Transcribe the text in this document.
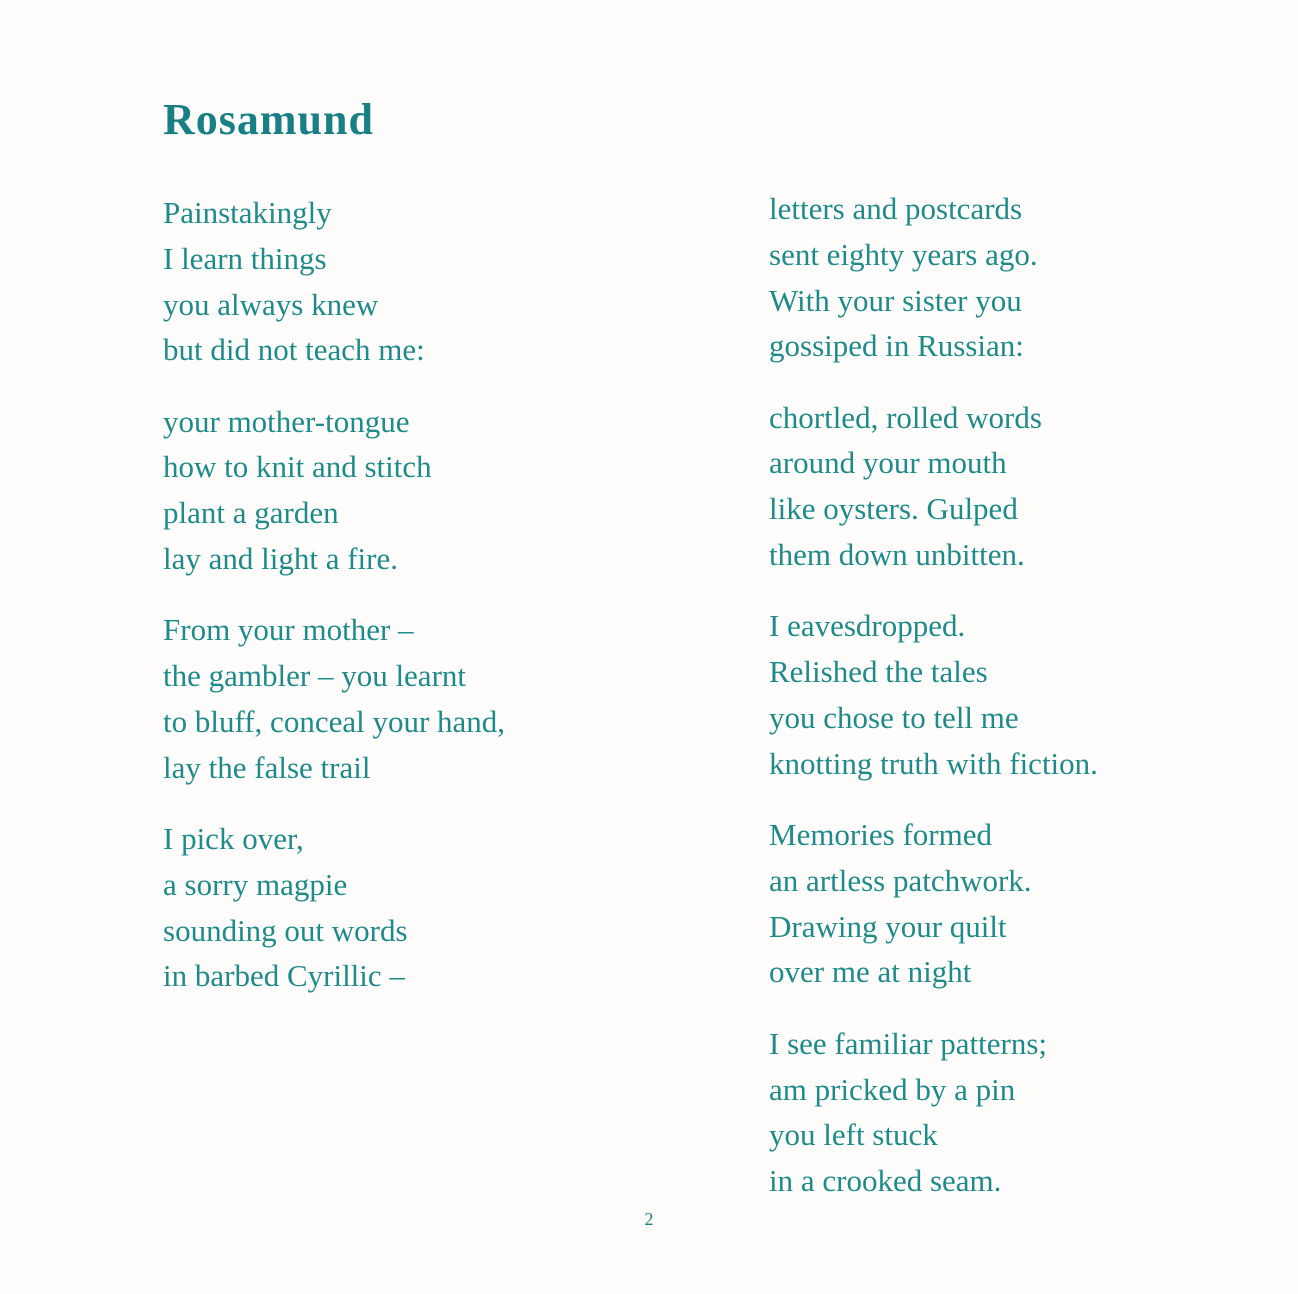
Rosamund
Painstakingly
I learn things
you always knew
but did not teach me:
your mother-tongue
how to knit and stitch
plant a garden
lay and light a fire.
From your mother –
the gambler – you learnt
to bluff, conceal your hand,
lay the false trail
I pick over,
a sorry magpie
sounding out words
in barbed Cyrillic –
letters and postcards
sent eighty years ago.
With your sister you
gossiped in Russian:
chortled, rolled words
around your mouth
like oysters. Gulped
them down unbitten.
I eavesdropped.
Relished the tales
you chose to tell me
knotting truth with fiction.
Memories formed
an artless patchwork.
Drawing your quilt
over me at night
I see familiar patterns;
am pricked by a pin
you left stuck
in a crooked seam.
2
